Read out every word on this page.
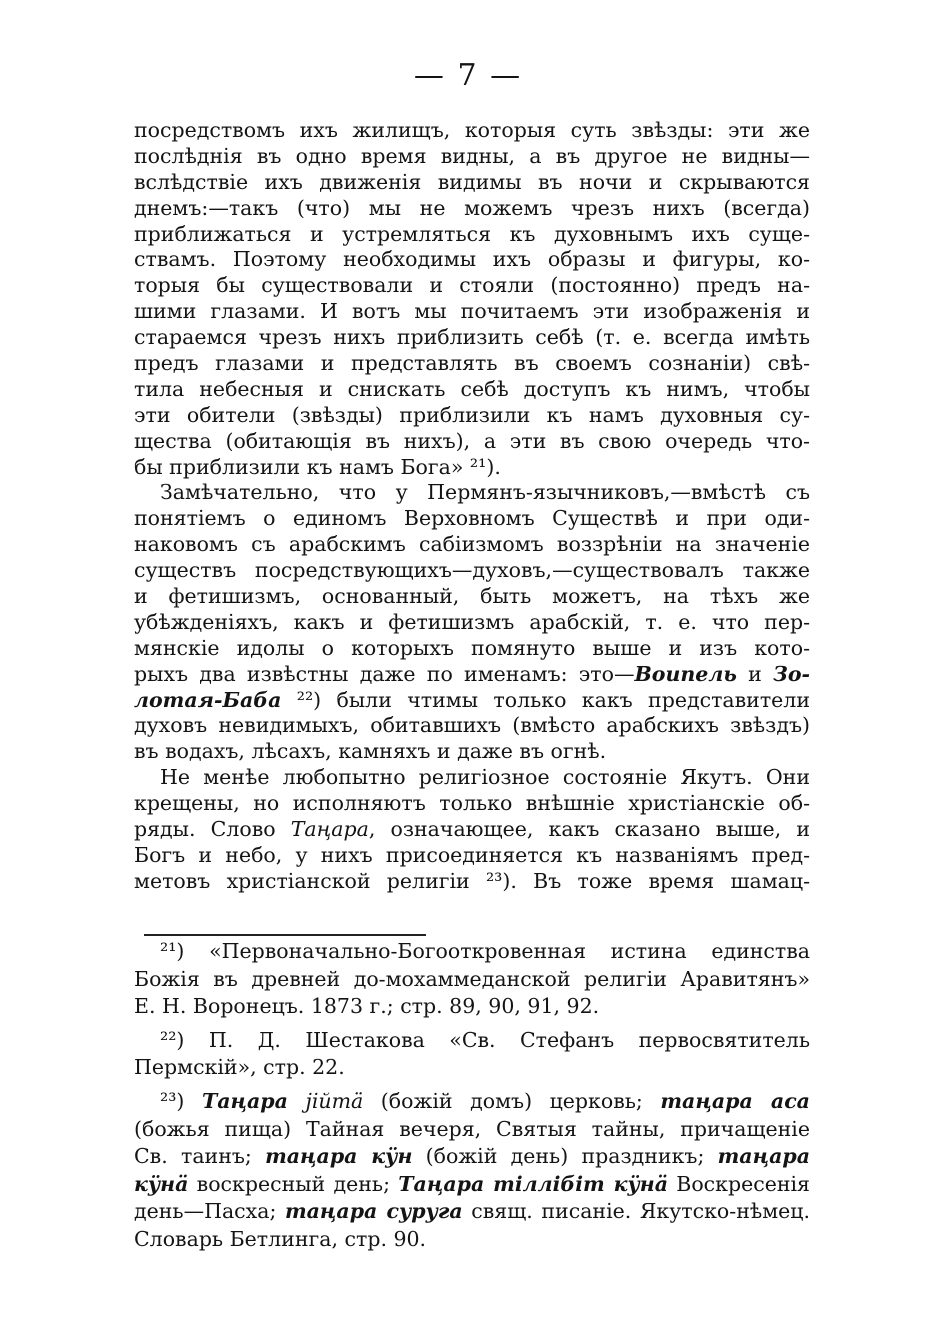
— 7 —
посредствомъ ихъ жилищъ, которыя суть звѣзды: эти же
послѣднія въ одно время видны, а въ другое не видны—
вслѣдствіе ихъ движенія видимы въ ночи и скрываются
днемъ:—такъ (что) мы не можемъ чрезъ нихъ (всегда)
приближаться и устремляться къ духовнымъ ихъ суще-
ствамъ. Поэтому необходимы ихъ образы и фигуры, ко-
торыя бы существовали и стояли (постоянно) предъ на-
шими глазами. И вотъ мы почитаемъ эти изображенія и
стараемся чрезъ нихъ приблизить себѣ (т. е. всегда имѣть
предъ глазами и представлять въ своемъ сознаніи) свѣ-
тила небесныя и снискать себѣ доступъ къ нимъ, чтобы
эти обители (звѣзды) приблизили къ намъ духовныя су-
щества (обитающія въ нихъ), а эти въ свою очередь что-
бы приблизили къ намъ Бога» ²¹).
Замѣчательно, что у Пермянъ-язычниковъ,—вмѣстѣ съ
понятіемъ о единомъ Верховномъ Существѣ и при оди-
наковомъ съ арабскимъ сабіизмомъ воззрѣніи на значеніе
существъ посредствующихъ—духовъ,—существовалъ также
и фетишизмъ, основанный, быть можетъ, на тѣхъ же
убѣжденіяхъ, какъ и фетишизмъ арабскій, т. е. что пер-
мянскіе идолы о которыхъ помянуто выше и изъ кото-
рыхъ два извѣстны даже по именамъ: это—Воипель и Зо-
лотая-Баба ²²) были чтимы только какъ представители
духовъ невидимыхъ, обитавшихъ (вмѣсто арабскихъ звѣздъ)
въ водахъ, лѣсахъ, камняхъ и даже въ огнѣ.
Не менѣе любопытно религіозное состояніе Якутъ. Они
крещены, но исполняютъ только внѣшніе христіанскіе об-
ряды. Слово Таңара, означающее, какъ сказано выше, и
Богъ и небо, у нихъ присоединяется къ названіямъ пред-
метовъ христіанской религіи ²³). Въ тоже время шамац-
²¹) «Первоначально-Богооткровенная истина единства
Божія въ древней до-мохаммеданской религіи Аравитянъ»
Е. Н. Воронецъ. 1873 г.; стр. 89, 90, 91, 92.
²²) П. Д. Шестакова «Св. Стефанъ первосвятитель
Пермскій», стр. 22.
²³) Таңара jiйтӓ (божій домъ) церковь; таңара аса
(божья пища) Тайная вечеря, Святыя тайны, причащеніе
Св. таинъ; таңара кӱн (божій день) праздникъ; таңара
кӱнӓ воскресный день; Таңара тiллiбiт кӱнӓ Воскресенія
день—Пасха; таңара суруга свящ. писаніе. Якутско-нѣмец.
Словарь Бетлинга, стр. 90.
